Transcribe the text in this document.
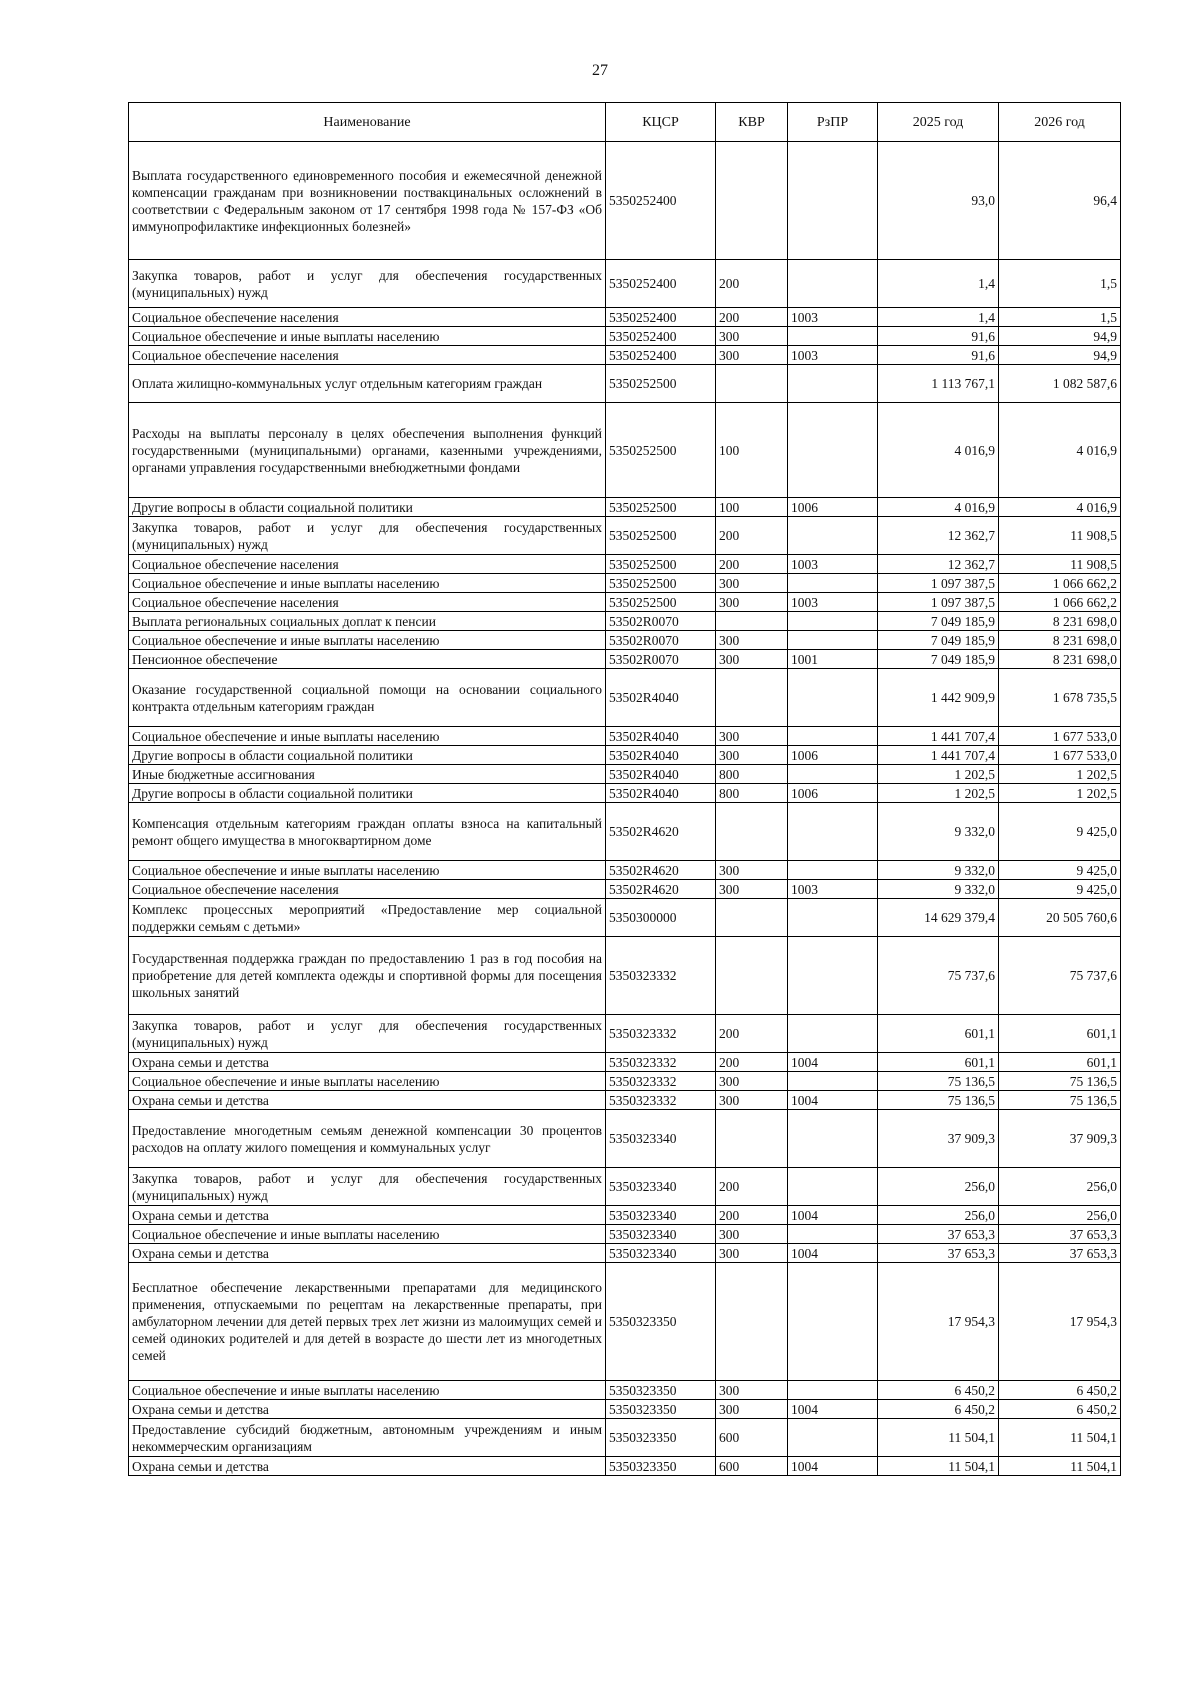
27
Наименование	КЦСР	КВР	РзПР	2025 год	2026 год
Выплата государственного единовременного пособия и ежемесячной денежной компенсации гражданам при возникновении поствакцинальных осложнений в соответствии с Федеральным законом от 17 сентября 1998 года № 157-ФЗ «Об иммунопрофилактике инфекционных болезней»	5350252400			93,0	96,4
Закупка товаров, работ и услуг для обеспечения государственных (муниципальных) нужд	5350252400	200		1,4	1,5
Социальное обеспечение населения	5350252400	200	1003	1,4	1,5
Социальное обеспечение и иные выплаты населению	5350252400	300		91,6	94,9
Социальное обеспечение населения	5350252400	300	1003	91,6	94,9
Оплата жилищно-коммунальных услуг отдельным категориям граждан	5350252500			1 113 767,1	1 082 587,6
Расходы на выплаты персоналу в целях обеспечения выполнения функций государственными (муниципальными) органами, казенными учреждениями, органами управления государственными внебюджетными фондами	5350252500	100		4 016,9	4 016,9
Другие вопросы в области социальной политики	5350252500	100	1006	4 016,9	4 016,9
Закупка товаров, работ и услуг для обеспечения государственных (муниципальных) нужд	5350252500	200		12 362,7	11 908,5
Социальное обеспечение населения	5350252500	200	1003	12 362,7	11 908,5
Социальное обеспечение и иные выплаты населению	5350252500	300		1 097 387,5	1 066 662,2
Социальное обеспечение населения	5350252500	300	1003	1 097 387,5	1 066 662,2
Выплата региональных социальных доплат к пенсии	53502R0070			7 049 185,9	8 231 698,0
Социальное обеспечение и иные выплаты населению	53502R0070	300		7 049 185,9	8 231 698,0
Пенсионное обеспечение	53502R0070	300	1001	7 049 185,9	8 231 698,0
Оказание государственной социальной помощи на основании социального контракта отдельным категориям граждан	53502R4040			1 442 909,9	1 678 735,5
Социальное обеспечение и иные выплаты населению	53502R4040	300		1 441 707,4	1 677 533,0
Другие вопросы в области социальной политики	53502R4040	300	1006	1 441 707,4	1 677 533,0
Иные бюджетные ассигнования	53502R4040	800		1 202,5	1 202,5
Другие вопросы в области социальной политики	53502R4040	800	1006	1 202,5	1 202,5
Компенсация отдельным категориям граждан оплаты взноса на капитальный ремонт общего имущества в многоквартирном доме	53502R4620			9 332,0	9 425,0
Социальное обеспечение и иные выплаты населению	53502R4620	300		9 332,0	9 425,0
Социальное обеспечение населения	53502R4620	300	1003	9 332,0	9 425,0
Комплекс процессных мероприятий «Предоставление мер социальной поддержки семьям с детьми»	5350300000			14 629 379,4	20 505 760,6
Государственная поддержка граждан по предоставлению 1 раз в год пособия на приобретение для детей комплекта одежды и спортивной формы для посещения школьных занятий	5350323332			75 737,6	75 737,6
Закупка товаров, работ и услуг для обеспечения государственных (муниципальных) нужд	5350323332	200		601,1	601,1
Охрана семьи и детства	5350323332	200	1004	601,1	601,1
Социальное обеспечение и иные выплаты населению	5350323332	300		75 136,5	75 136,5
Охрана семьи и детства	5350323332	300	1004	75 136,5	75 136,5
Предоставление многодетным семьям денежной компенсации 30 процентов расходов на оплату жилого помещения и коммунальных услуг	5350323340			37 909,3	37 909,3
Закупка товаров, работ и услуг для обеспечения государственных (муниципальных) нужд	5350323340	200		256,0	256,0
Охрана семьи и детства	5350323340	200	1004	256,0	256,0
Социальное обеспечение и иные выплаты населению	5350323340	300		37 653,3	37 653,3
Охрана семьи и детства	5350323340	300	1004	37 653,3	37 653,3
Бесплатное обеспечение лекарственными препаратами для медицинского применения, отпускаемыми по рецептам на лекарственные препараты, при амбулаторном лечении для детей первых трех лет жизни из малоимущих семей и семей одиноких родителей и для детей в возрасте до шести лет из многодетных семей	5350323350			17 954,3	17 954,3
Социальное обеспечение и иные выплаты населению	5350323350	300		6 450,2	6 450,2
Охрана семьи и детства	5350323350	300	1004	6 450,2	6 450,2
Предоставление субсидий бюджетным, автономным учреждениям и иным некоммерческим организациям	5350323350	600		11 504,1	11 504,1
Охрана семьи и детства	5350323350	600	1004	11 504,1	11 504,1
